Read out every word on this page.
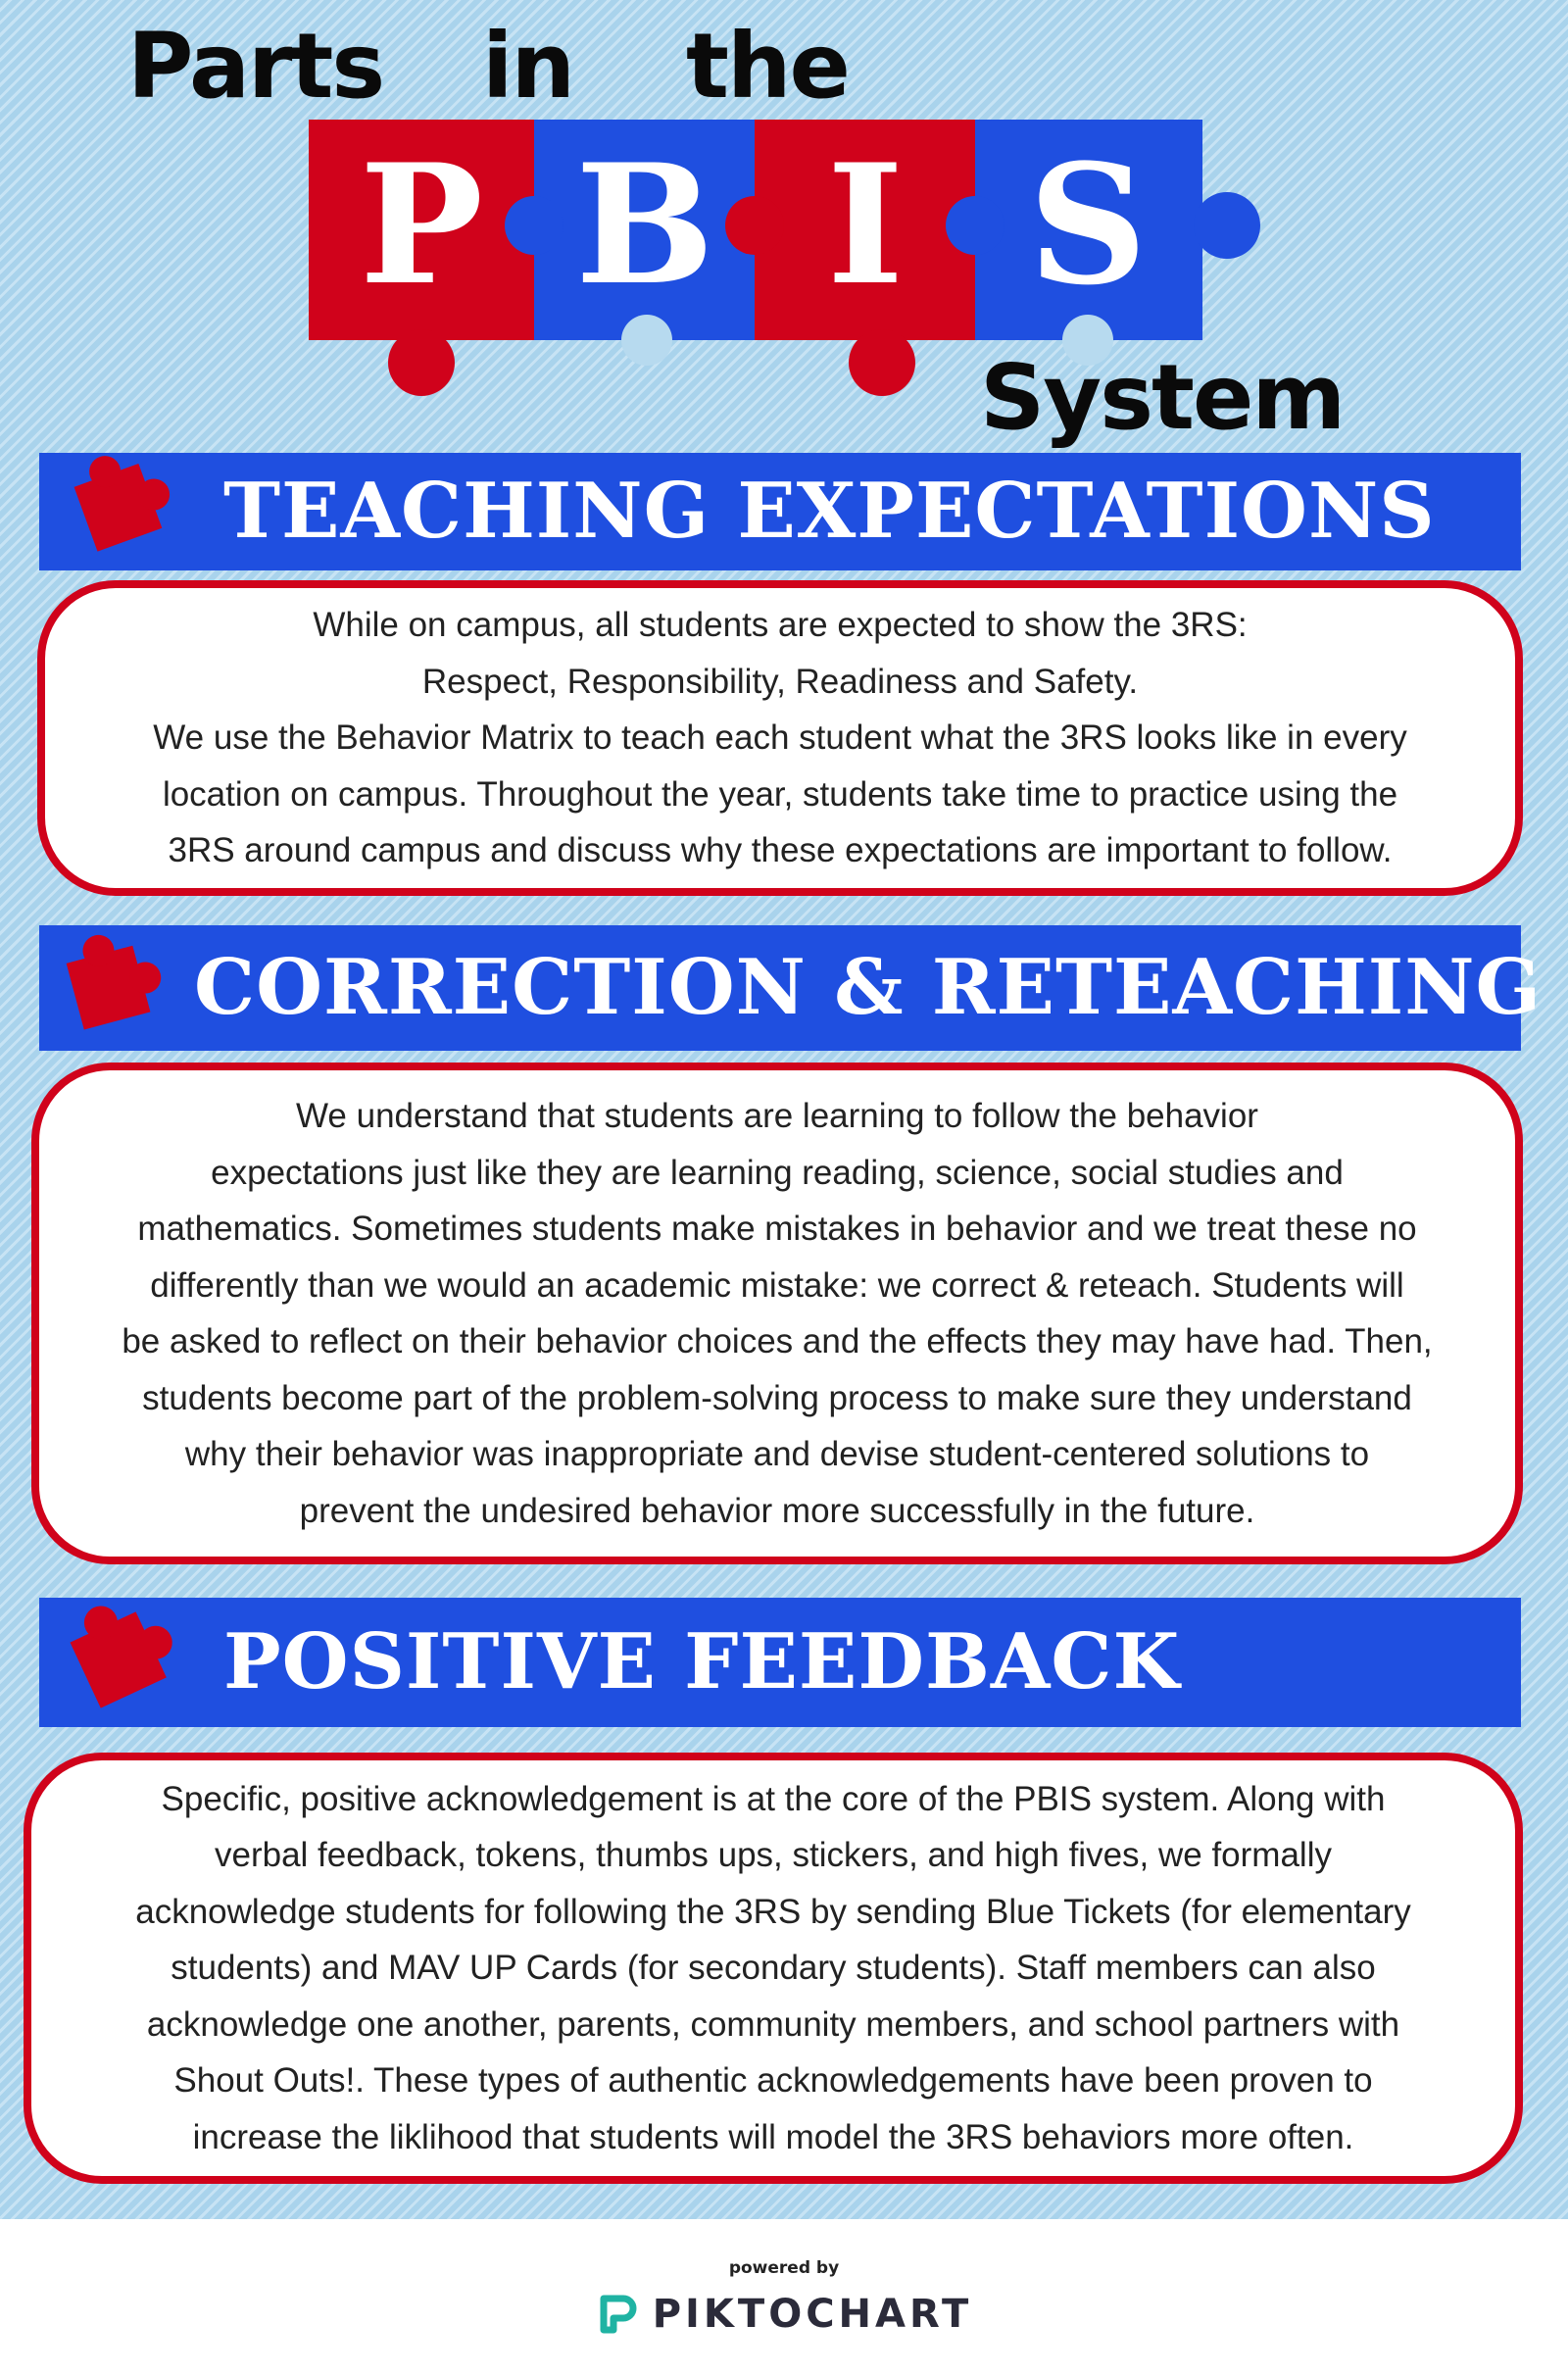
Parts in the
P B I S
System
TEACHING EXPECTATIONS

While on campus, all students are expected to show the 3RS:
Respect, Responsibility, Readiness and Safety.
We use the Behavior Matrix to teach each student what the 3RS looks like in every
location on campus. Throughout the year, students take time to practice using the
3RS around campus and discuss why these expectations are important to follow.

CORRECTION & RETEACHING

We understand that students are learning to follow the behavior
expectations just like they are learning reading, science, social studies and
mathematics. Sometimes students make mistakes in behavior and we treat these no
differently than we would an academic mistake: we correct & reteach. Students will
be asked to reflect on their behavior choices and the effects they may have had. Then,
students become part of the problem-solving process to make sure they understand
why their behavior was inappropriate and devise student-centered solutions to
prevent the undesired behavior more successfully in the future.

POSITIVE FEEDBACK

Specific, positive acknowledgement is at the core of the PBIS system. Along with
verbal feedback, tokens, thumbs ups, stickers, and high fives, we formally
acknowledge students for following the 3RS by sending Blue Tickets (for elementary
students) and MAV UP Cards (for secondary students). Staff members can also
acknowledge one another, parents, community members, and school partners with
Shout Outs!. These types of authentic acknowledgements have been proven to
increase the liklihood that students will model the 3RS behaviors more often.

powered by
PIKTOCHART
